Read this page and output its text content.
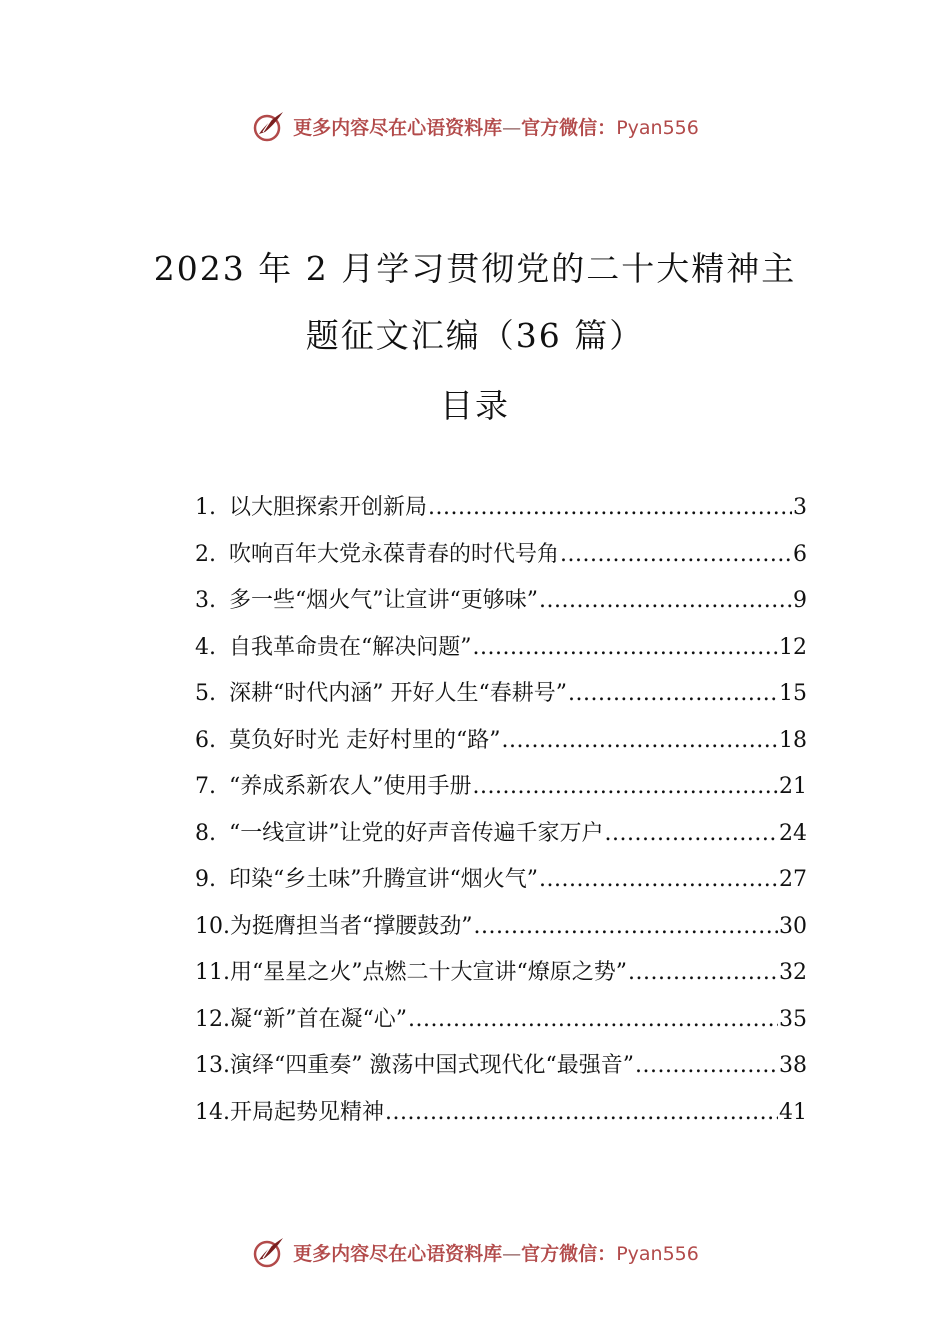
更多内容尽在心语资料库—官方微信：Pyan556
2023 年 2 月学习贯彻党的二十大精神主
题征文汇编（36 篇）
目录
1. 以大胆探索开创新局 .....	3
2. 吹响百年大党永葆青春的时代号角 .....	6
3. 多一些“烟火气”让宣讲“更够味” .....	9
4. 自我革命贵在“解决问题” .....	12
5. 深耕“时代内涵” 开好人生“春耕号” .....	15
6. 莫负好时光 走好村里的“路” .....	18
7. “养成系新农人”使用手册 .....	21
8. “一线宣讲”让党的好声音传遍千家万户 .....	24
9. 印染“乡土味”升腾宣讲“烟火气” .....	27
10. 为挺膺担当者“撑腰鼓劲” .....	30
11. 用“星星之火”点燃二十大宣讲“燎原之势” .....	32
12. 凝“新”首在凝“心” .....	35
13. 演绎“四重奏” 激荡中国式现代化“最强音” .....	38
14. 开局起势见精神 .....	41
更多内容尽在心语资料库—官方微信：Pyan556
